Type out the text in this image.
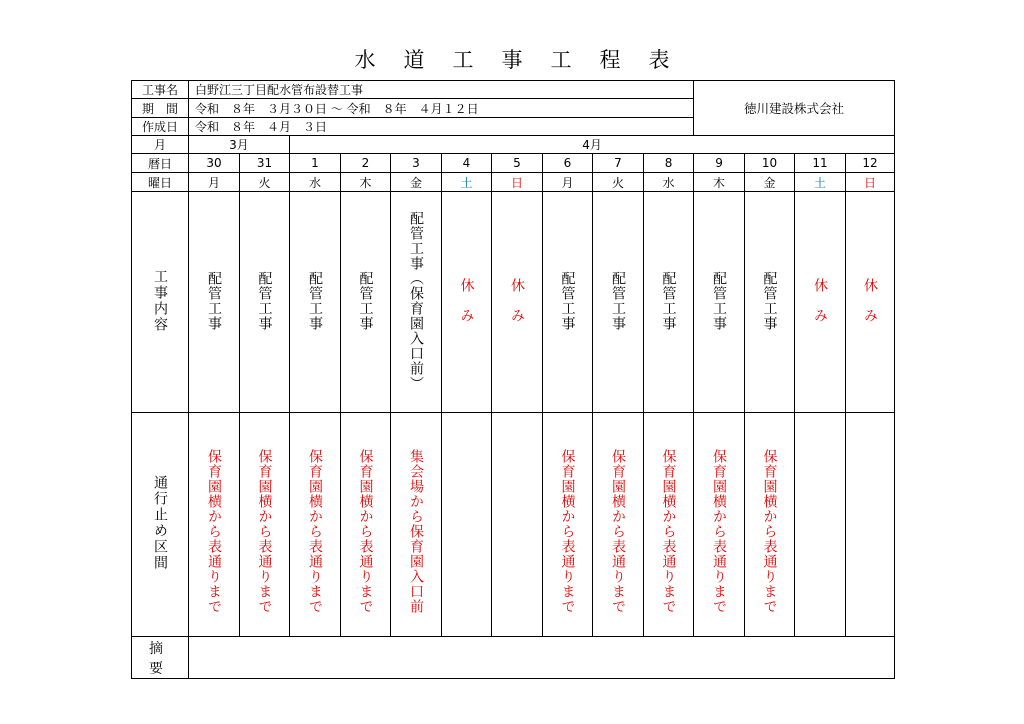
水道工事工程表
工事名	白野江三丁目配水管布設替工事										徳川建設株式会社			
期　間	令和　８年　３月３０日 ～ 令和　８年　４月１２日													
作成日	令和　８年　４月　３日													
月	3月		4月											
暦日	30	31	1	2	3	4	5	6	7	8	9	10	11	12
曜日	月	火	水	木	金	土	日	月	火	水	木	金	土	日
工事内容	配管工事	配管工事	配管工事	配管工事	配管工事（保育園入口前）	休　み	休　み	配管工事	配管工事	配管工事	配管工事	配管工事	休　み	休　み
通行止め区間	保育園横から表通りまで	保育園横から表通りまで	保育園横から表通りまで	保育園横から表通りまで	集会場から保育園入口前			保育園横から表通りまで	保育園横から表通りまで	保育園横から表通りまで	保育園横から表通りまで	保育園横から表通りまで		
摘 要														
